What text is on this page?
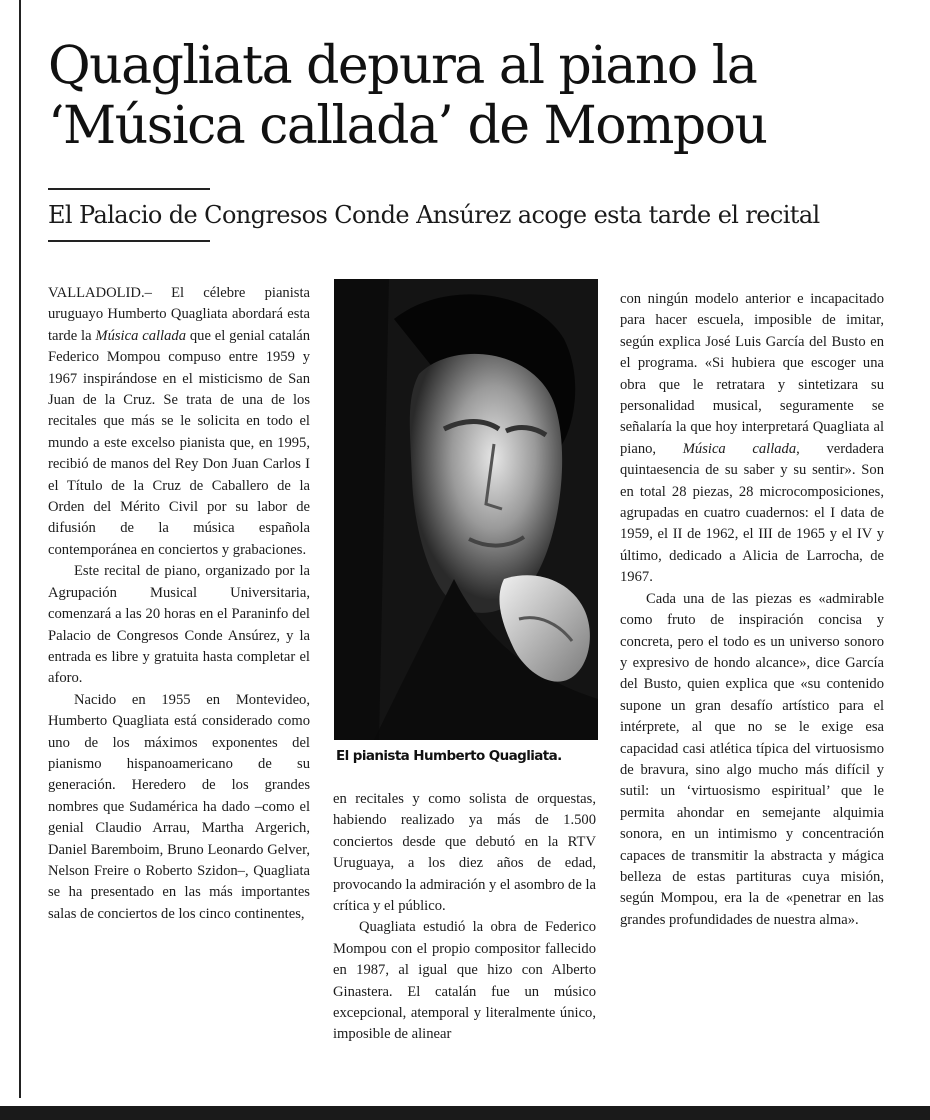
Quagliata depura al piano la
‘Música callada’ de Mompou
El Palacio de Congresos Conde Ansúrez acoge esta tarde el recital

VALLADOLID.– El célebre pianista uruguayo Humberto Quagliata abordará esta tarde la Música callada que el genial catalán Federico Mompou compuso entre 1959 y 1967 inspirándose en el misticismo de San Juan de la Cruz. Se trata de una de los recitales que más se le solicita en todo el mundo a este excelso pianista que, en 1995, recibió de manos del Rey Don Juan Carlos I el Título de la Cruz de Caballero de la Orden del Mérito Civil por su labor de difusión de la música española contemporánea en conciertos y grabaciones.

Este recital de piano, organizado por la Agrupación Musical Universitaria, comenzará a las 20 horas en el Paraninfo del Palacio de Congresos Conde Ansúrez, y la entrada es libre y gratuita hasta completar el aforo.

Nacido en 1955 en Montevideo, Humberto Quagliata está considerado como uno de los máximos exponentes del pianismo hispanoamericano de su generación. Heredero de los grandes nombres que Sudamérica ha dado –como el genial Claudio Arrau, Martha Argerich, Daniel Baremboim, Bruno Leonardo Gelver, Nelson Freire o Roberto Szidon–, Quagliata se ha presentado en las más importantes salas de conciertos de los cinco continentes,

El pianista Humberto Quagliata.

en recitales y como solista de orquestas, habiendo realizado ya más de 1.500 conciertos desde que debutó en la RTV Uruguaya, a los diez años de edad, provocando la admiración y el asombro de la crítica y el público.

Quagliata estudió la obra de Federico Mompou con el propio compositor fallecido en 1987, al igual que hizo con Alberto Ginastera. El catalán fue un músico excepcional, atemporal y literalmente único, imposible de alinear

con ningún modelo anterior e incapacitado para hacer escuela, imposible de imitar, según explica José Luis García del Busto en el programa. «Si hubiera que escoger una obra que le retratara y sintetizara su personalidad musical, seguramente se señalaría la que hoy interpretará Quagliata al piano, Música callada, verdadera quintaesencia de su saber y su sentir». Son en total 28 piezas, 28 microcomposiciones, agrupadas en cuatro cuadernos: el I data de 1959, el II de 1962, el III de 1965 y el IV y último, dedicado a Alicia de Larrocha, de 1967.

Cada una de las piezas es «admirable como fruto de inspiración concisa y concreta, pero el todo es un universo sonoro y expresivo de hondo alcance», dice García del Busto, quien explica que «su contenido supone un gran desafío artístico para el intérprete, al que no se le exige esa capacidad casi atlética típica del virtuosismo de bravura, sino algo mucho más difícil y sutil: un ‘virtuosismo espiritual’ que le permita ahondar en semejante alquimia sonora, en un intimismo y concentración capaces de transmitir la abstracta y mágica belleza de estas partituras cuya misión, según Mompou, era la de «penetrar en las grandes profundidades de nuestra alma».
